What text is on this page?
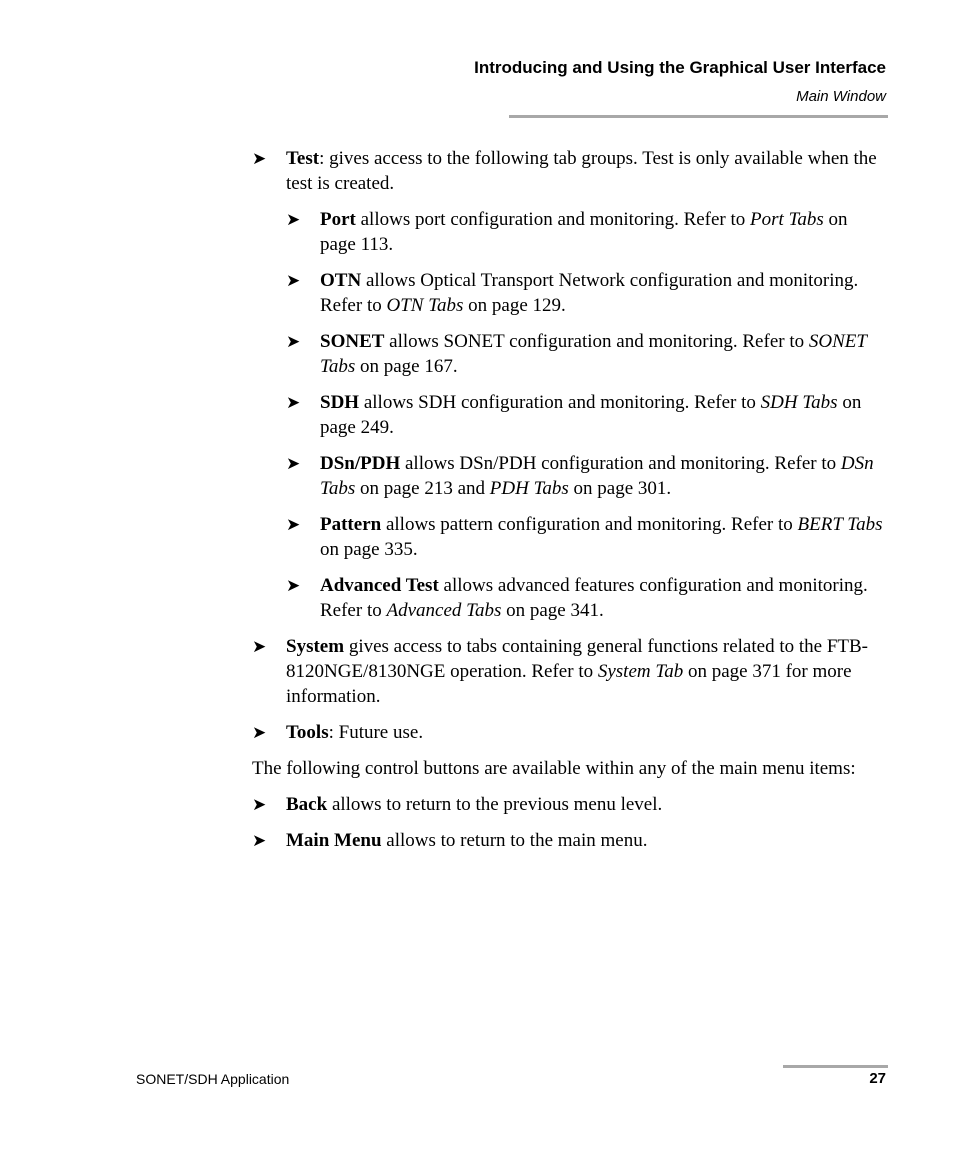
Introducing and Using the Graphical User Interface
Main Window
➤ Test: gives access to the following tab groups. Test is only available when the test is created.
➤ Port allows port configuration and monitoring. Refer to Port Tabs on page 113.
➤ OTN allows Optical Transport Network configuration and monitoring. Refer to OTN Tabs on page 129.
➤ SONET allows SONET configuration and monitoring. Refer to SONET Tabs on page 167.
➤ SDH allows SDH configuration and monitoring. Refer to SDH Tabs on page 249.
➤ DSn/PDH allows DSn/PDH configuration and monitoring. Refer to DSn Tabs on page 213 and PDH Tabs on page 301.
➤ Pattern allows pattern configuration and monitoring. Refer to BERT Tabs on page 335.
➤ Advanced Test allows advanced features configuration and monitoring. Refer to Advanced Tabs on page 341.
➤ System gives access to tabs containing general functions related to the FTB-8120NGE/8130NGE operation. Refer to System Tab on page 371 for more information.
➤ Tools: Future use.

The following control buttons are available within any of the main menu items:

➤ Back allows to return to the previous menu level.
➤ Main Menu allows to return to the main menu.
SONET/SDH Application	27
